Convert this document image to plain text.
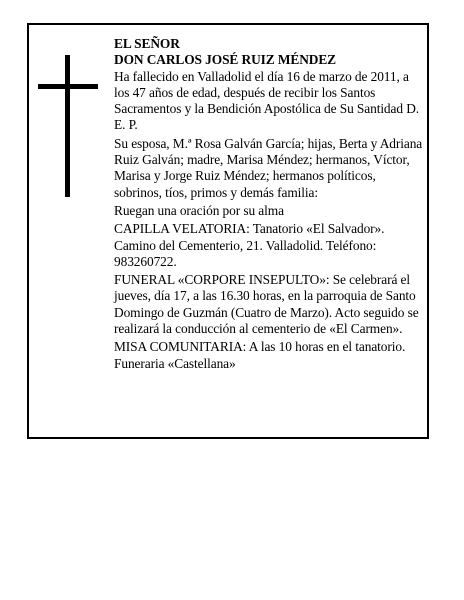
EL SEÑOR
DON CARLOS JOSÉ RUIZ MÉNDEZ

Ha fallecido en Valladolid el día 16 de marzo de 2011, a los 47 años de edad, después de recibir los Santos Sacramentos y la Bendición Apostólica de Su Santidad D. E. P.

Su esposa, M.ª Rosa Galván García; hijas, Berta y Adriana Ruiz Galván; madre, Marisa Méndez; hermanos, Víctor, Marisa y Jorge Ruiz Méndez; hermanos políticos, sobrinos, tíos, primos y demás familia:

Ruegan una oración por su alma

CAPILLA VELATORIA: Tanatorio «El Salvador». Camino del Cementerio, 21. Valladolid. Teléfono: 983260722.

FUNERAL «CORPORE INSEPULTO»: Se celebrará el jueves, día 17, a las 16.30 horas, en la parroquia de Santo Domingo de Guzmán (Cuatro de Marzo). Acto seguido se realizará la conducción al cementerio de «El Carmen».

MISA COMUNITARIA: A las 10 horas en el tanatorio.

Funeraria «Castellana»
